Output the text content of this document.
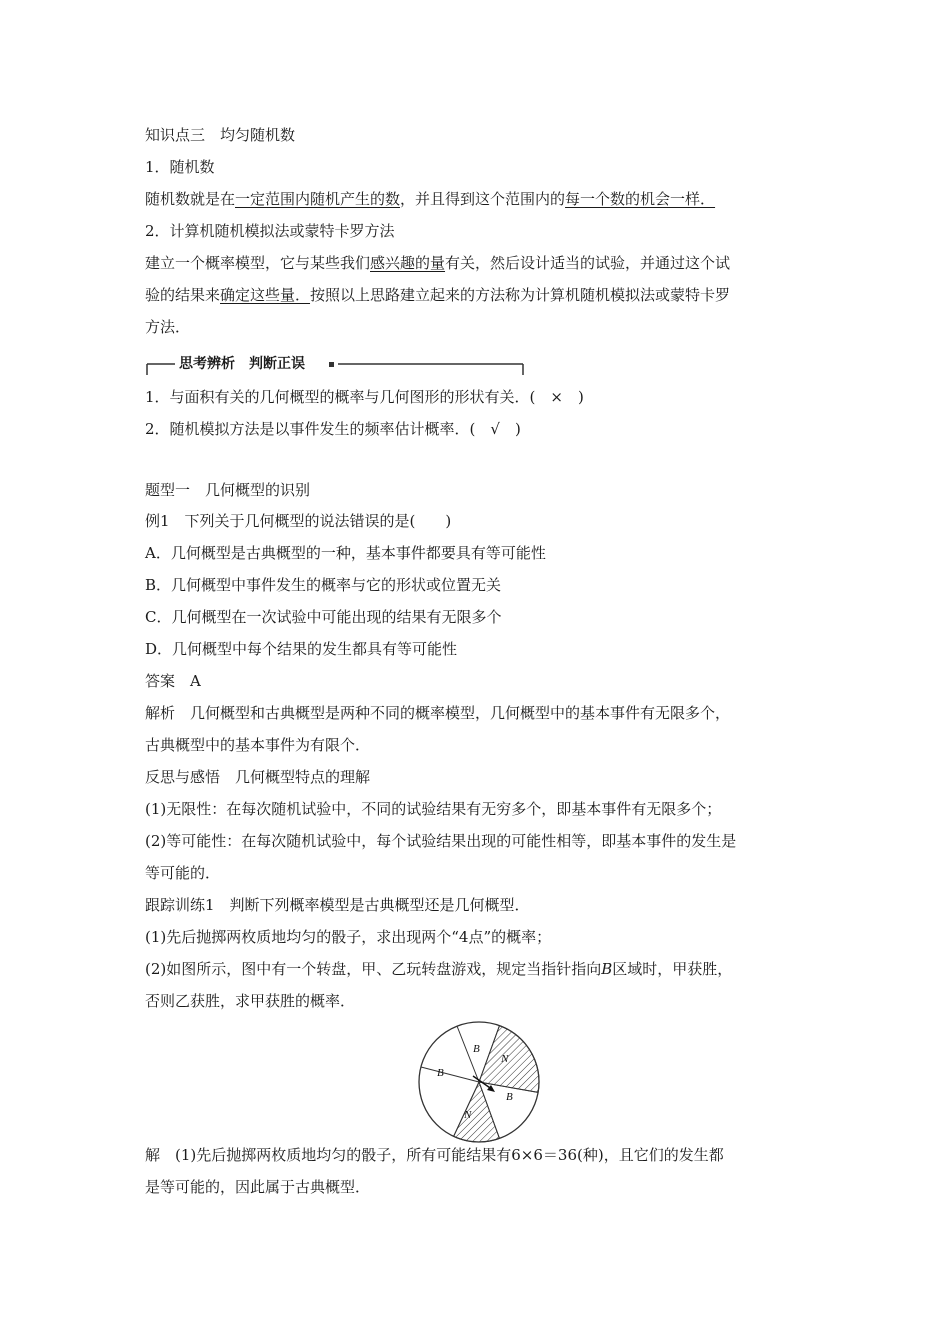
知识点三　均匀随机数
1．随机数
随机数就是在一定范围内随机产生的数，并且得到这个范围内的每一个数的机会一样．
2．计算机随机模拟法或蒙特卡罗方法
建立一个概率模型，它与某些我们感兴趣的量有关，然后设计适当的试验，并通过这个试
验的结果来确定这些量．按照以上思路建立起来的方法称为计算机随机模拟法或蒙特卡罗
方法．
思考辨析　判断正误
1．与面积有关的几何概型的概率与几何图形的形状有关．(　×　)
2．随机模拟方法是以事件发生的频率估计概率．(　√　)
题型一　几何概型的识别
例1　下列关于几何概型的说法错误的是(　　)
A．几何概型是古典概型的一种，基本事件都要具有等可能性
B．几何概型中事件发生的概率与它的形状或位置无关
C．几何概型在一次试验中可能出现的结果有无限多个
D．几何概型中每个结果的发生都具有等可能性
答案　A
解析　几何概型和古典概型是两种不同的概率模型，几何概型中的基本事件有无限多个，
古典概型中的基本事件为有限个．
反思与感悟　几何概型特点的理解
(1)无限性：在每次随机试验中，不同的试验结果有无穷多个，即基本事件有无限多个；
(2)等可能性：在每次随机试验中，每个试验结果出现的可能性相等，即基本事件的发生是
等可能的．
跟踪训练1　判断下列概率模型是古典概型还是几何概型．
(1)先后抛掷两枚质地均匀的骰子，求出现两个“4点”的概率；
(2)如图所示，图中有一个转盘，甲、乙玩转盘游戏，规定当指针指向B区域时，甲获胜，
否则乙获胜，求甲获胜的概率．
B
N
B
B
N
解　(1)先后抛掷两枚质地均匀的骰子，所有可能结果有6×6＝36(种)，且它们的发生都
是等可能的，因此属于古典概型．
